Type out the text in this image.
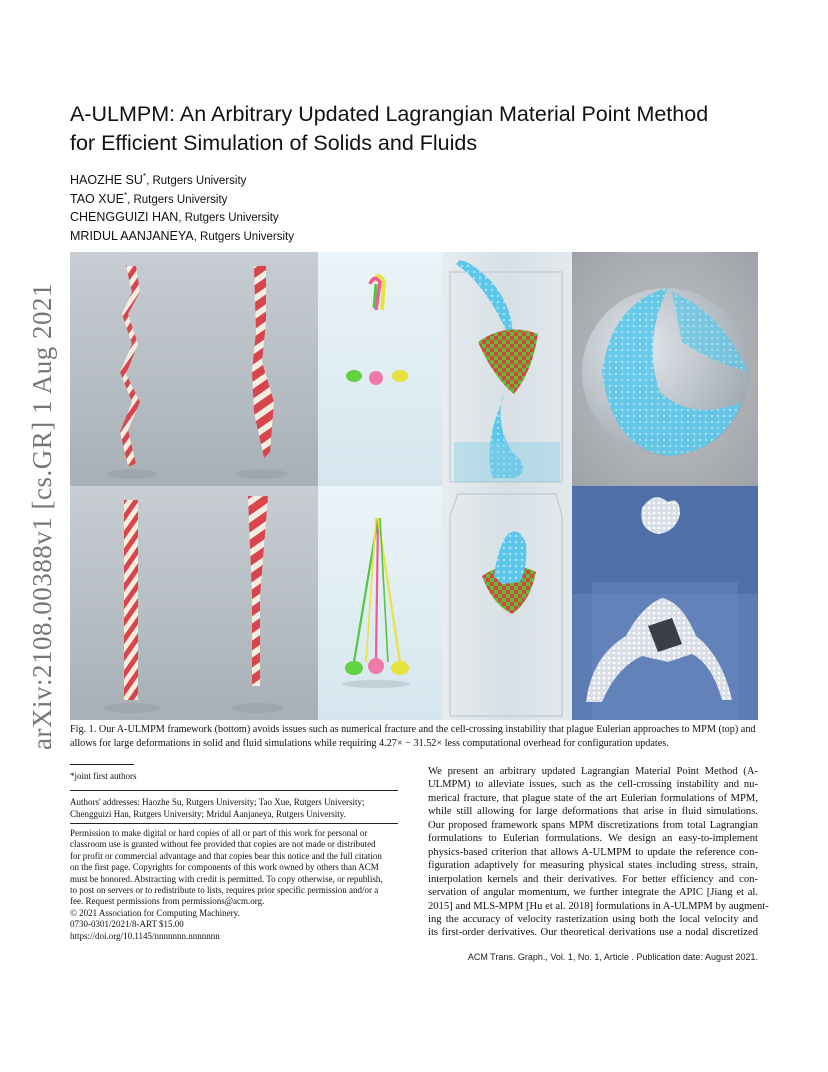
arXiv:2108.00388v1 [cs.GR] 1 Aug 2021
A-ULMPM: An Arbitrary Updated Lagrangian Material Point Method
for Efficient Simulation of Solids and Fluids
HAOZHE SU*, Rutgers University
TAO XUE*, Rutgers University
CHENGGUIZI HAN, Rutgers University
MRIDUL AANJANEYA, Rutgers University
Fig. 1. Our A-ULMPM framework (bottom) avoids issues such as numerical fracture and the cell-crossing instability that plague Eulerian approaches to MPM (top) and allows for large deformations in solid and fluid simulations while requiring 4.27× − 31.52× less computational overhead for configuration updates.
*joint first authors
Authors' addresses: Haozhe Su, Rutgers University; Tao Xue, Rutgers University; Chengguizi Han, Rutgers University; Mridul Aanjaneya, Rutgers University.
Permission to make digital or hard copies of all or part of this work for personal or
classroom use is granted without fee provided that copies are not made or distributed
for profit or commercial advantage and that copies bear this notice and the full citation
on the first page. Copyrights for components of this work owned by others than ACM
must be honored. Abstracting with credit is permitted. To copy otherwise, or republish,
to post on servers or to redistribute to lists, requires prior specific permission and/or a
fee. Request permissions from permissions@acm.org.
© 2021 Association for Computing Machinery.
0730-0301/2021/8-ART $15.00
https://doi.org/10.1145/nnnnnnn.nnnnnnn
We present an arbitrary updated Lagrangian Material Point Method (A-
ULMPM) to alleviate issues, such as the cell-crossing instability and nu-
merical fracture, that plague state of the art Eulerian formulations of MPM,
while still allowing for large deformations that arise in fluid simulations.
Our proposed framework spans MPM discretizations from total Lagrangian
formulations to Eulerian formulations. We design an easy-to-implement
physics-based criterion that allows A-ULMPM to update the reference con-
figuration adaptively for measuring physical states including stress, strain,
interpolation kernels and their derivatives. For better efficiency and con-
servation of angular momentum, we further integrate the APIC [Jiang et al.
2015] and MLS-MPM [Hu et al. 2018] formulations in A-ULMPM by augment-
ing the accuracy of velocity rasterization using both the local velocity and
its first-order derivatives. Our theoretical derivations use a nodal discretized
ACM Trans. Graph., Vol. 1, No. 1, Article . Publication date: August 2021.
